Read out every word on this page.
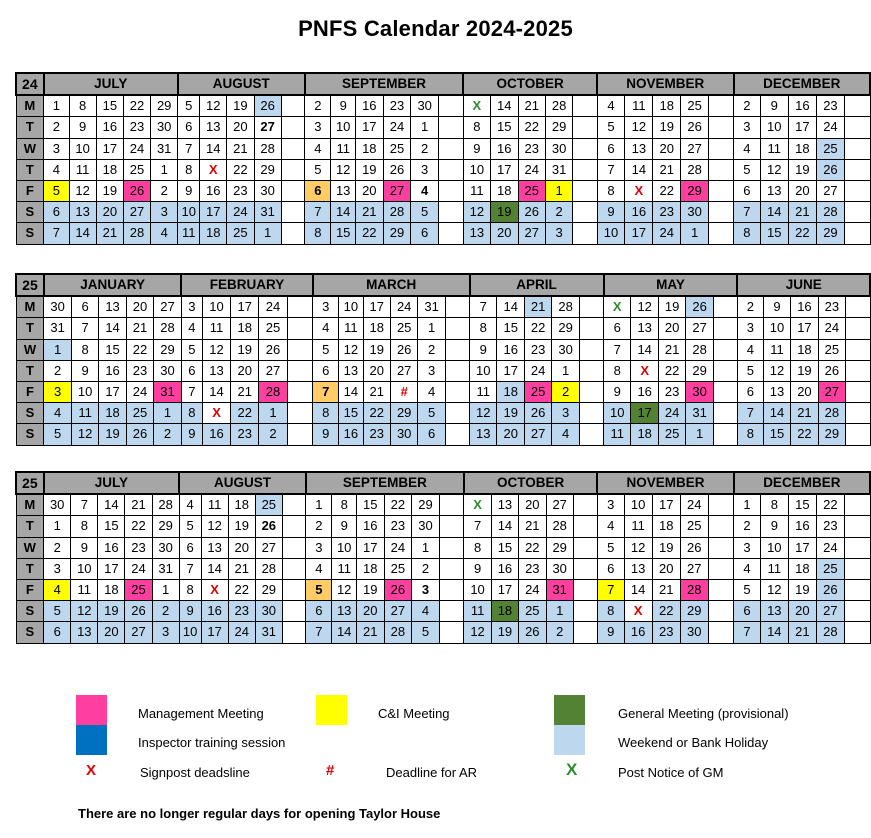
PNFS Calendar 2024-2025
24	JULY					AUGUST					SEPTEMBER						OCTOBER					NOVEMBER					DECEMBER				
M	1	8	15	22	29	5	12	19	26		2	9	16	23	30		X	14	21	28		4	11	18	25		2	9	16	23	
T	2	9	16	23	30	6	13	20	27		3	10	17	24	1		8	15	22	29		5	12	19	26		3	10	17	24	
W	3	10	17	24	31	7	14	21	28		4	11	18	25	2		9	16	23	30		6	13	20	27		4	11	18	25	
T	4	11	18	25	1	8	X	22	29		5	12	19	26	3		10	17	24	31		7	14	21	28		5	12	19	26	
F	5	12	19	26	2	9	16	23	30		6	13	20	27	4		11	18	25	1		8	X	22	29		6	13	20	27	
S	6	13	20	27	3	10	17	24	31		7	14	21	28	5		12	19	26	2		9	16	23	30		7	14	21	28	
S	7	14	21	28	4	11	18	25	1		8	15	22	29	6		13	20	27	3		10	17	24	1		8	15	22	29	
25	JANUARY					FEBRUARY					MARCH						APRIL					MAY					JUNE				
M	30	6	13	20	27	3	10	17	24		3	10	17	24	31		7	14	21	28		X	12	19	26		2	9	16	23	
T	31	7	14	21	28	4	11	18	25		4	11	18	25	1		8	15	22	29		6	13	20	27		3	10	17	24	
W	1	8	15	22	29	5	12	19	26		5	12	19	26	2		9	16	23	30		7	14	21	28		4	11	18	25	
T	2	9	16	23	30	6	13	20	27		6	13	20	27	3		10	17	24	1		8	X	22	29		5	12	19	26	
F	3	10	17	24	31	7	14	21	28		7	14	21	#	4		11	18	25	2		9	16	23	30		6	13	20	27	
S	4	11	18	25	1	8	X	22	1		8	15	22	29	5		12	19	26	3		10	17	24	31		7	14	21	28	
S	5	12	19	26	2	9	16	23	2		9	16	23	30	6		13	20	27	4		11	18	25	1		8	15	22	29	
25	JULY					AUGUST					SEPTEMBER						OCTOBER					NOVEMBER					DECEMBER				
M	30	7	14	21	28	4	11	18	25		1	8	15	22	29		X	13	20	27		3	10	17	24		1	8	15	22	
T	1	8	15	22	29	5	12	19	26		2	9	16	23	30		7	14	21	28		4	11	18	25		2	9	16	23	
W	2	9	16	23	30	6	13	20	27		3	10	17	24	1		8	15	22	29		5	12	19	26		3	10	17	24	
T	3	10	17	24	31	7	14	21	28		4	11	18	25	2		9	16	23	30		6	13	20	27		4	11	18	25	
F	4	11	18	25	1	8	X	22	29		5	12	19	26	3		10	17	24	31		7	14	21	28		5	12	19	26	
S	5	12	19	26	2	9	16	23	30		6	13	20	27	4		11	18	25	1		8	X	22	29		6	13	20	27	
S	6	13	20	27	3	10	17	24	31		7	14	21	28	5		12	19	26	2		9	16	23	30		7	14	21	28	
Management Meeting
Inspector training session
C&I Meeting	General Meeting (provisional)
Weekend or Bank Holiday
X	Signpost deadsline	#	Deadline for AR	X	Post Notice of GM
There are no longer regular days for opening Taylor House
